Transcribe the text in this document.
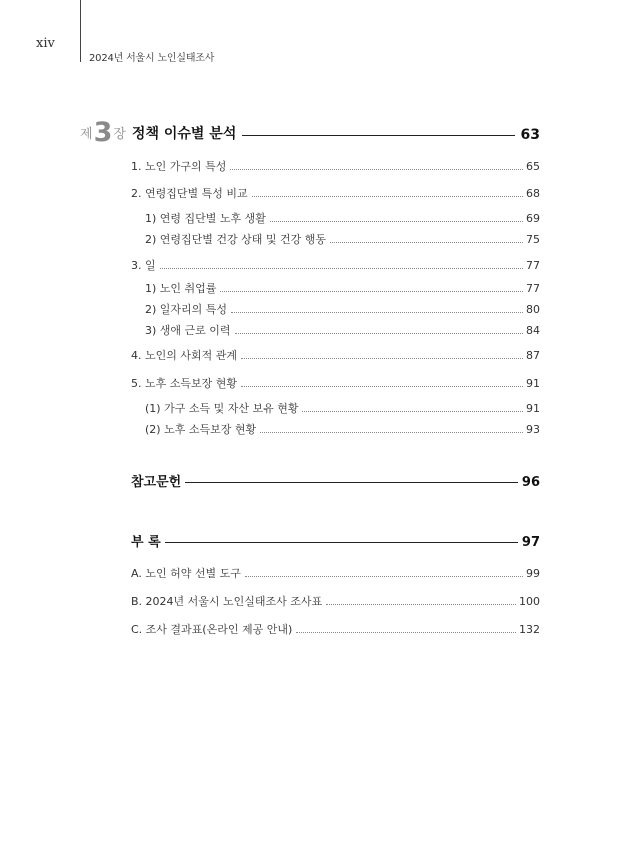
xiv
2024년 서울시 노인실태조사
제 3 장 정책 이슈별 분석	63
1. 노인 가구의 특성	65
2. 연령집단별 특성 비교	68
1) 연령 집단별 노후 생활	69
2) 연령집단별 건강 상태 및 건강 행동	75
3. 일	77
1) 노인 취업률	77
2) 일자리의 특성	80
3) 생애 근로 이력	84
4. 노인의 사회적 관계	87
5. 노후 소득보장 현황	91
(1) 가구 소득 및 자산 보유 현황	91
(2) 노후 소득보장 현황	93
참고문헌	96
부 록	97
A. 노인 허약 선별 도구	99
B. 2024년 서울시 노인실태조사 조사표	100
C. 조사 결과표(온라인 제공 안내)	132
